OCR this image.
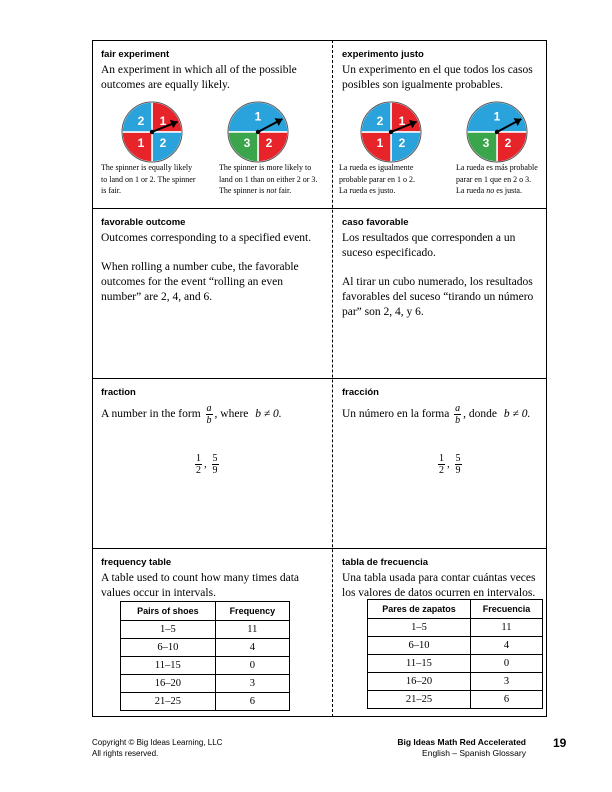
fair experiment

An experiment in which all of the possible outcomes are equally likely.

1
2
1
2	1
2
3
The spinner is equally likely
to land on 1 or 2. The spinner
is fair.
The spinner is more likely to
land on 1 than on either 2 or 3.
The spinner is not fair.
experimento justo

Un experimento en el que todos los casos posibles son igualmente probables.

1
2
1
2	1
2
3
La rueda es igualmente
probable parar en 1 o 2.
La rueda es justo.
La rueda es más probable
parar en 1 que en 2 o 3.
La rueda no es justa.
favorable outcome

Outcomes corresponding to a specified event.

When rolling a number cube, the favorable outcomes for the event “rolling an even number” are 2, 4, and 6.

caso favorable

Los resultados que corresponden a un suceso especificado.

Al tirar un cubo numerado, los resultados favorables del suceso “tirando un número par” son 2, 4, y 6.

fraction
A number in the form $\frac{a}{b}$ , where b ≠ 0.
$\frac{1}{2}$ , $\frac{5}{9}$
fracción
Un número en la forma $\frac{a}{b}$ , donde b ≠ 0.
$\frac{1}{2}$ , $\frac{5}{9}$
frequency table

A table used to count how many times data values occur in intervals.

Pairs of shoes	Frequency
1–5	11
6–10	4
11–15	0
16–20	3
21–25	6
tabla de frecuencia

Una tabla usada para contar cuántas veces los valores de datos ocurren en intervalos.

Pares de zapatos	Frecuencia
1–5	11
6–10	4
11–15	0
16–20	3
21–25	6
Copyright © Big Ideas Learning, LLC
All rights reserved.
Big Ideas Math Red Accelerated
English – Spanish Glossary
19
